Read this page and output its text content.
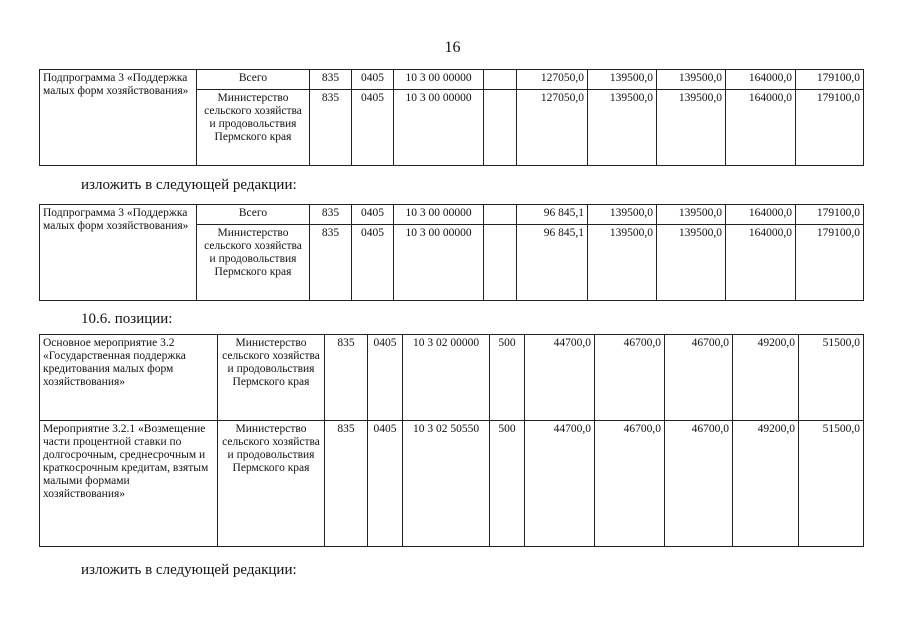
16
Подпрограмма 3 «Поддержка малых форм хозяйствования»	Всего	835	0405	10 3 00 00000		127050,0	139500,0	139500,0	164000,0	179100,0
	Министерство сельского хозяйства и продовольствия Пермского края	835	0405	10 3 00 00000		127050,0	139500,0	139500,0	164000,0	179100,0
изложить в следующей редакции:
Подпрограмма 3 «Поддержка малых форм хозяйствования»	Всего	835	0405	10 3 00 00000		96 845,1	139500,0	139500,0	164000,0	179100,0
	Министерство сельского хозяйства и продовольствия Пермского края	835	0405	10 3 00 00000		96 845,1	139500,0	139500,0	164000,0	179100,0
10.6. позиции:
Основное мероприятие 3.2 «Государственная поддержка кредитования малых форм хозяйствования»	Министерство сельского хозяйства и продовольствия Пермского края	835	0405	10 3 02 00000	500	44700,0	46700,0	46700,0	49200,0	51500,0
Мероприятие 3.2.1 «Возмещение части процентной ставки по долгосрочным, среднесрочным и краткосрочным кредитам, взятым малыми формами хозяйствования»	Министерство сельского хозяйства и продовольствия Пермского края	835	0405	10 3 02 50550	500	44700,0	46700,0	46700,0	49200,0	51500,0
изложить в следующей редакции:
